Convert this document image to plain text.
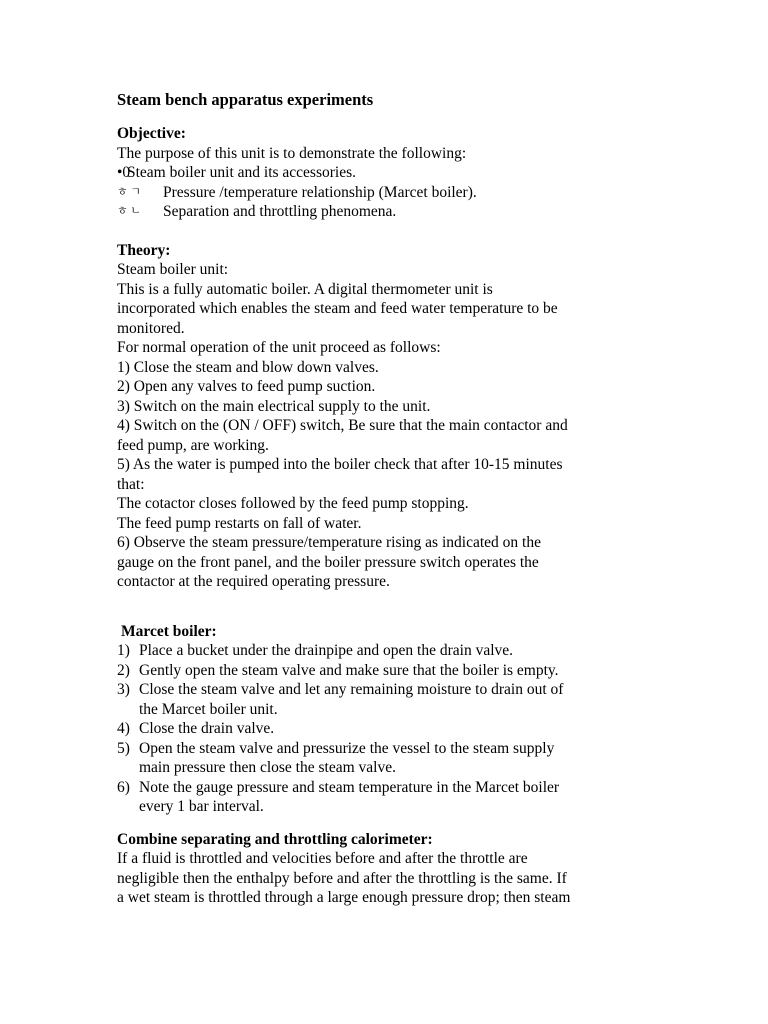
Steam bench apparatus experiments
Objective:
The purpose of this unit is to demonstrate the following:
•0
Steam boiler unit and its accessories.
ㅎ ㄱ	Pressure /temperature relationship (Marcet boiler).
ㅎ ㄴ	Separation and throttling phenomena.
Theory:
Steam boiler unit:
This is a fully automatic boiler. A digital thermometer unit is
incorporated which enables the steam and feed water temperature to be
monitored.
For normal operation of the unit proceed as follows:
1) Close the steam and blow down valves.
2) Open any valves to feed pump suction.
3) Switch on the main electrical supply to the unit.
4) Switch on the (ON / OFF) switch, Be sure that the main contactor and
feed pump, are working.
5) As the water is pumped into the boiler check that after 10-15 minutes
that:
The cotactor closes followed by the feed pump stopping.
The feed pump restarts on fall of water.
6) Observe the steam pressure/temperature rising as indicated on the
gauge on the front panel, and the boiler pressure switch operates the
contactor at the required operating pressure.
Marcet boiler:
1) Place a bucket under the drainpipe and open the drain valve.
2) Gently open the steam valve and make sure that the boiler is empty.
3) Close the steam valve and let any remaining moisture to drain out of
the Marcet boiler unit.
4) Close the drain valve.
5) Open the steam valve and pressurize the vessel to the steam supply
main pressure then close the steam valve.
6) Note the gauge pressure and steam temperature in the Marcet boiler
every 1 bar interval.
Combine separating and throttling calorimeter:
If a fluid is throttled and velocities before and after the throttle are
negligible then the enthalpy before and after the throttling is the same. If
a wet steam is throttled through a large enough pressure drop; then steam
